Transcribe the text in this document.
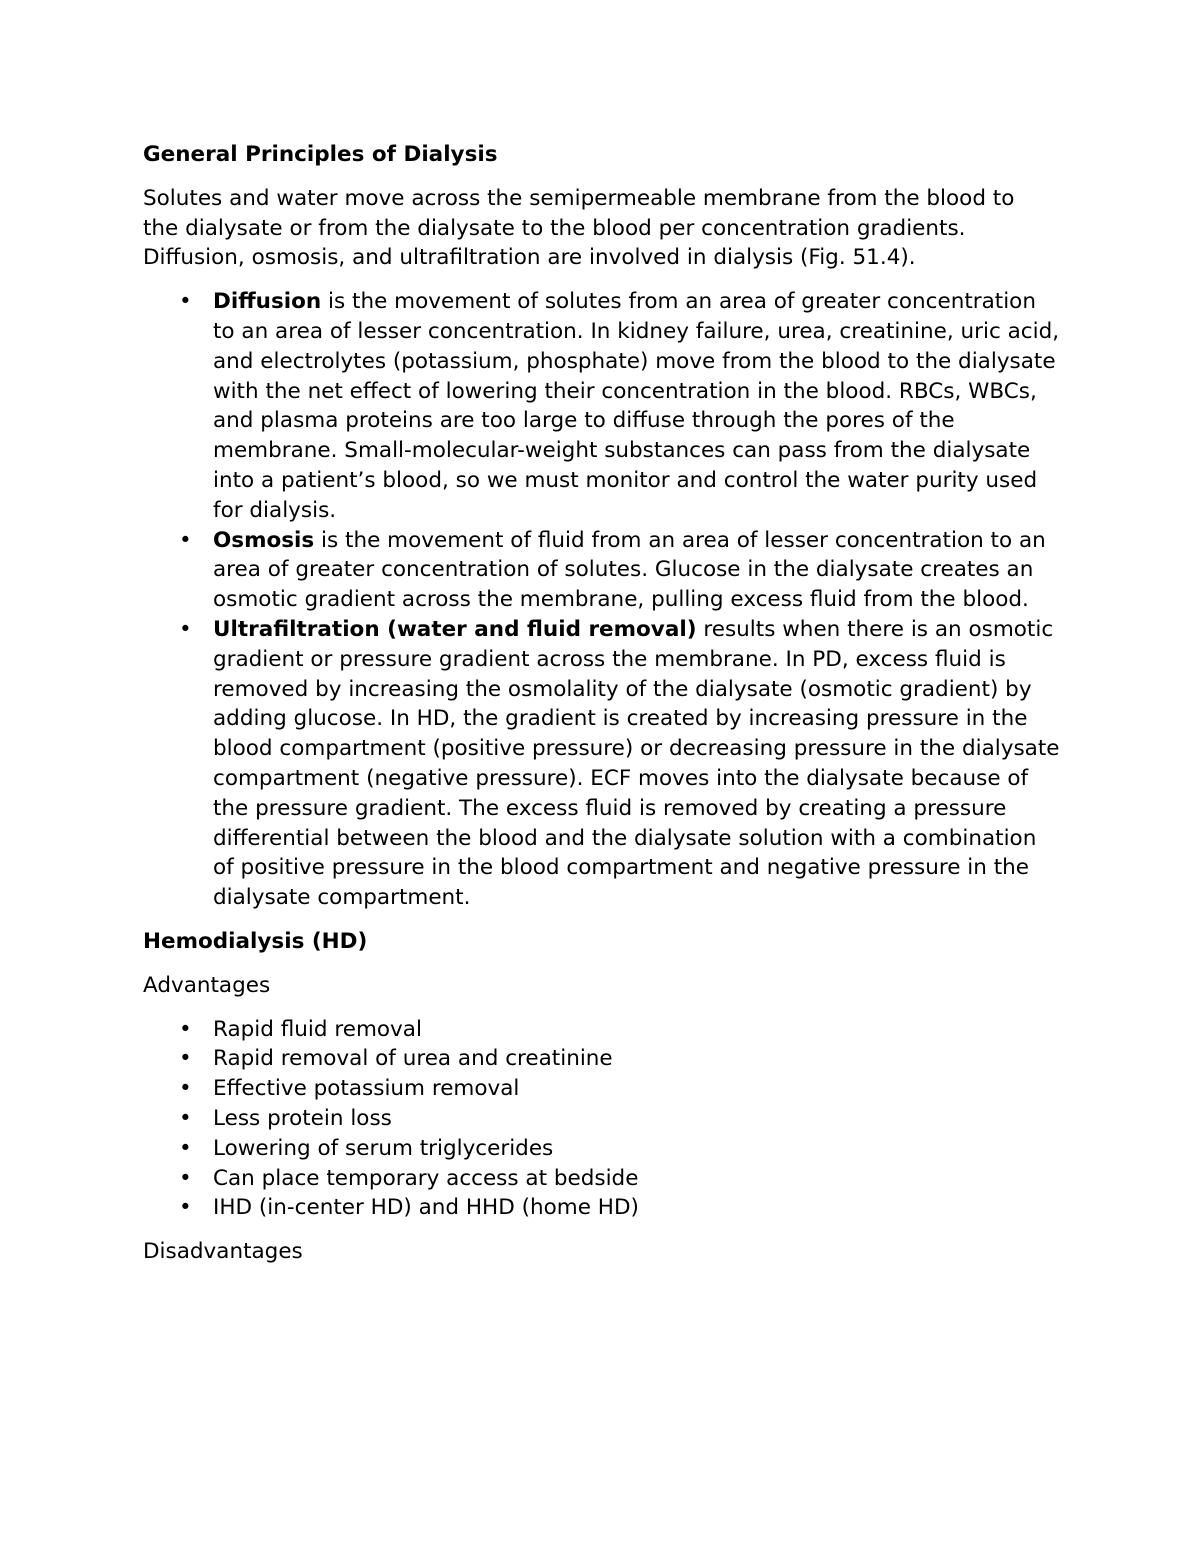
General Principles of Dialysis

Solutes and water move across the semipermeable membrane from the blood to the dialysate or from the dialysate to the blood per concentration gradients. Diffusion, osmosis, and ultrafiltration are involved in dialysis (Fig. 51.4).

• Diffusion is the movement of solutes from an area of greater concentration to an area of lesser concentration. In kidney failure, urea, creatinine, uric acid, and electrolytes (potassium, phosphate) move from the blood to the dialysate with the net effect of lowering their concentration in the blood. RBCs, WBCs, and plasma proteins are too large to diffuse through the pores of the membrane. Small-molecular-weight substances can pass from the dialysate into a patient’s blood, so we must monitor and control the water purity used for dialysis.
• Osmosis is the movement of fluid from an area of lesser concentration to an area of greater concentration of solutes. Glucose in the dialysate creates an osmotic gradient across the membrane, pulling excess fluid from the blood.
• Ultrafiltration (water and fluid removal) results when there is an osmotic gradient or pressure gradient across the membrane. In PD, excess fluid is removed by increasing the osmolality of the dialysate (osmotic gradient) by adding glucose. In HD, the gradient is created by increasing pressure in the blood compartment (positive pressure) or decreasing pressure in the dialysate compartment (negative pressure). ECF moves into the dialysate because of the pressure gradient. The excess fluid is removed by creating a pressure differential between the blood and the dialysate solution with a combination of positive pressure in the blood compartment and negative pressure in the dialysate compartment.
Hemodialysis (HD)

Advantages

• Rapid fluid removal
• Rapid removal of urea and creatinine
• Effective potassium removal
• Less protein loss
• Lowering of serum triglycerides
• Can place temporary access at bedside
• IHD (in-center HD) and HHD (home HD)

Disadvantages
